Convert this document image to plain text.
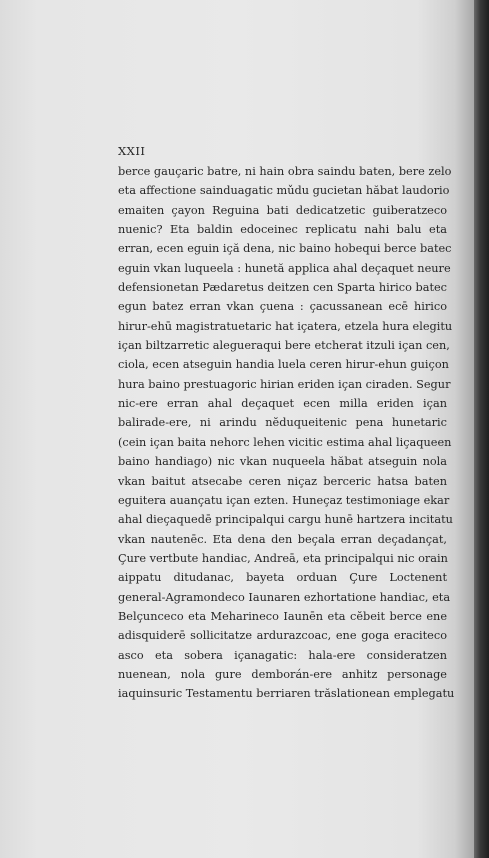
XXII

berce gauçaric batre, ni hain obra saindu baten, bere zelo
eta affectione sainduagatic mǔdu gucietan hăbat laudorio
emaiten çayon Reguina bati dedicatzetic guiberatzeco
nuenic? Eta baldin edoceinec replicatu nahi balu eta
erran, ecen eguin içă dena, nic baino hobequi berce batec
eguin vkan luqueela : hunetă applica ahal deçaquet neure
defensionetan Pædaretus deitzen cen Sparta hirico batec
egun batez erran vkan çuena : çacussanean ecē hirico
hirur-ehū magistratuetaric hat içatera, etzela hura elegitu
içan biltzarretic alegueraqui bere etcherat itzuli içan cen,
ciola, ecen atseguin handia luela ceren hirur-ehun guiçon
hura baino prestuagoric hirian eriden içan ciraden. Segur
nic-ere erran ahal deçaquet ecen milla eriden içan
balirade-ere, ni arindu nĕduqueitenic pena hunetaric
(cein içan baita nehorc lehen vicitic estima ahal liçaqueen
baino handiago) nic vkan nuqueela hăbat atseguin nola
vkan baitut atsecabe ceren niçaz berceric hatsa baten
eguitera auançatu içan ezten. Huneçaz testimoniage ekar
ahal dieçaquedē principalqui cargu hunē hartzera incitatu
vkan nautenēc. Eta dena den beçala erran deçadançat,
Çure vertbute handiac, Andreā, eta principalqui nic orain
aippatu ditudanac, bayeta orduan Çure Loctenent
general-Agramondeco Iaunaren ezhortatione handiac, eta
Belçunceco eta Meharineco Iaunēn eta cĕbeit berce ene
adisquiderē sollicitatze ardurazcoac, ene goga eraciteco
asco eta sobera içanagatic: hala-ere consideratzen
nuenean, nola gure demborán-ere anhitz personage
iaquinsuric Testamentu berriaren trăslationean emplegatu
